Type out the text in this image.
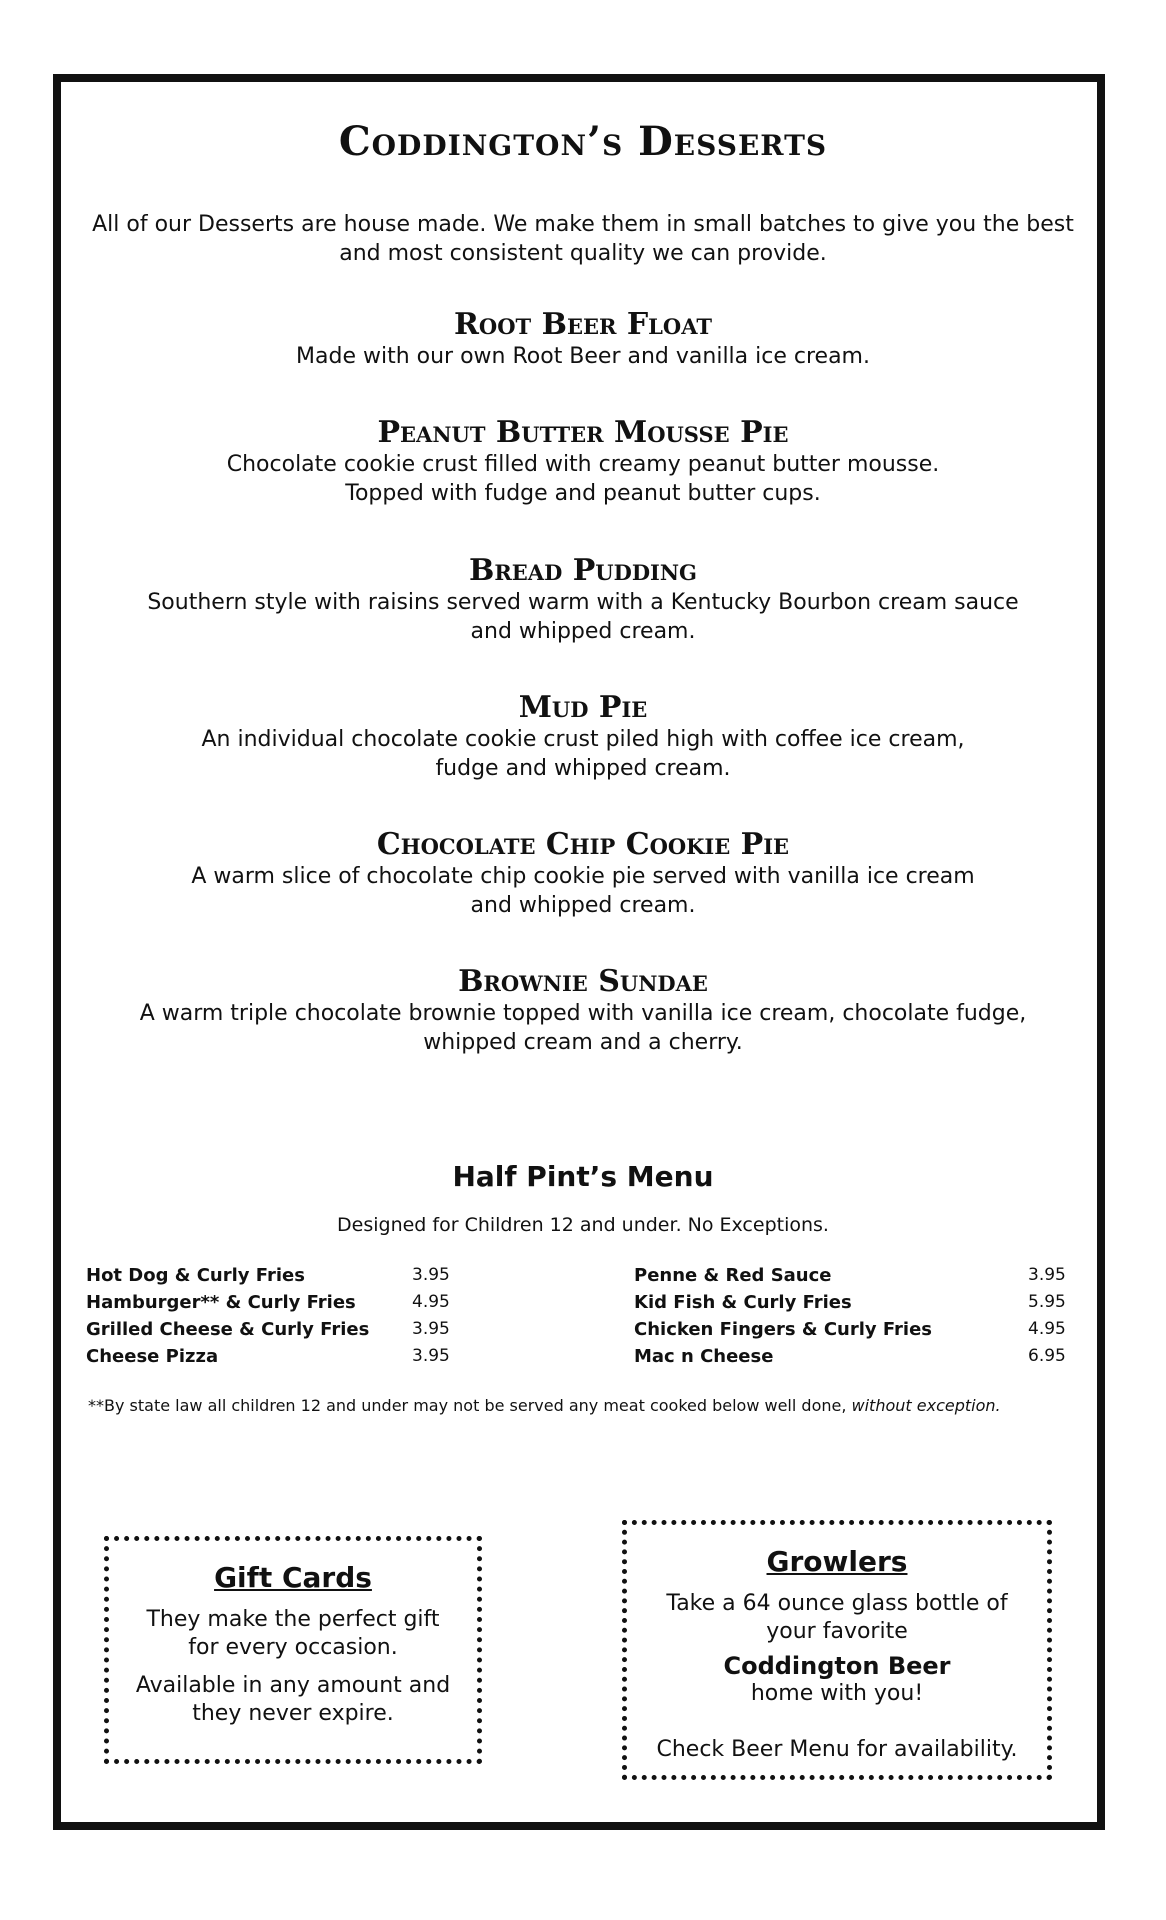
Coddington’s Desserts
All of our Desserts are house made. We make them in small batches to give you the best
and most consistent quality we can provide.
Root Beer Float
Made with our own Root Beer and vanilla ice cream.
Peanut Butter Mousse Pie
Chocolate cookie crust filled with creamy peanut butter mousse.
Topped with fudge and peanut butter cups.
Bread Pudding
Southern style with raisins served warm with a Kentucky Bourbon cream sauce
and whipped cream.
Mud Pie
An individual chocolate cookie crust piled high with coffee ice cream,
fudge and whipped cream.
Chocolate Chip Cookie Pie
A warm slice of chocolate chip cookie pie served with vanilla ice cream
and whipped cream.
Brownie Sundae
A warm triple chocolate brownie topped with vanilla ice cream, chocolate fudge,
whipped cream and a cherry.
Half Pint’s Menu
Designed for Children 12 and under. No Exceptions.
Hot Dog & Curly Fries	3.95
Hamburger** & Curly Fries	4.95
Grilled Cheese & Curly Fries	3.95
Cheese Pizza	3.95
Penne & Red Sauce	3.95
Kid Fish & Curly Fries	5.95
Chicken Fingers & Curly Fries	4.95
Mac n Cheese	6.95
**By state law all children 12 and under may not be served any meat cooked below well done, without exception.
Gift Cards

They make the perfect gift

for every occasion.

Available in any amount and

they never expire.

Growlers

Take a 64 ounce glass bottle of

your favorite

Coddington Beer

home with you!

Check Beer Menu for availability.
